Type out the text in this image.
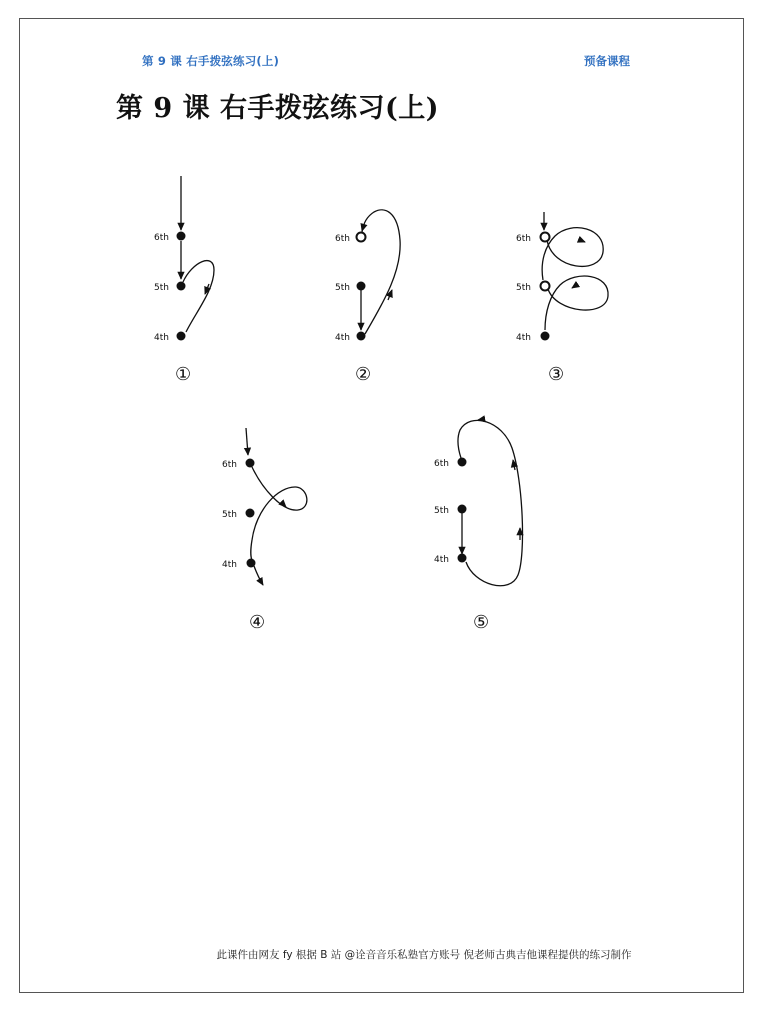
第 9 课 右手拨弦练习(上)	预备课程
第 9 课 右手拨弦练习(上)
6th
5th
4th
①
6th
5th
4th
②
6th
5th
4th
③
6th
5th
4th
④
6th
5th
4th
⑤
此课件由网友 fy 根据 B 站 @诠音音乐私塾官方账号 倪老师古典吉他课程提供的练习制作
